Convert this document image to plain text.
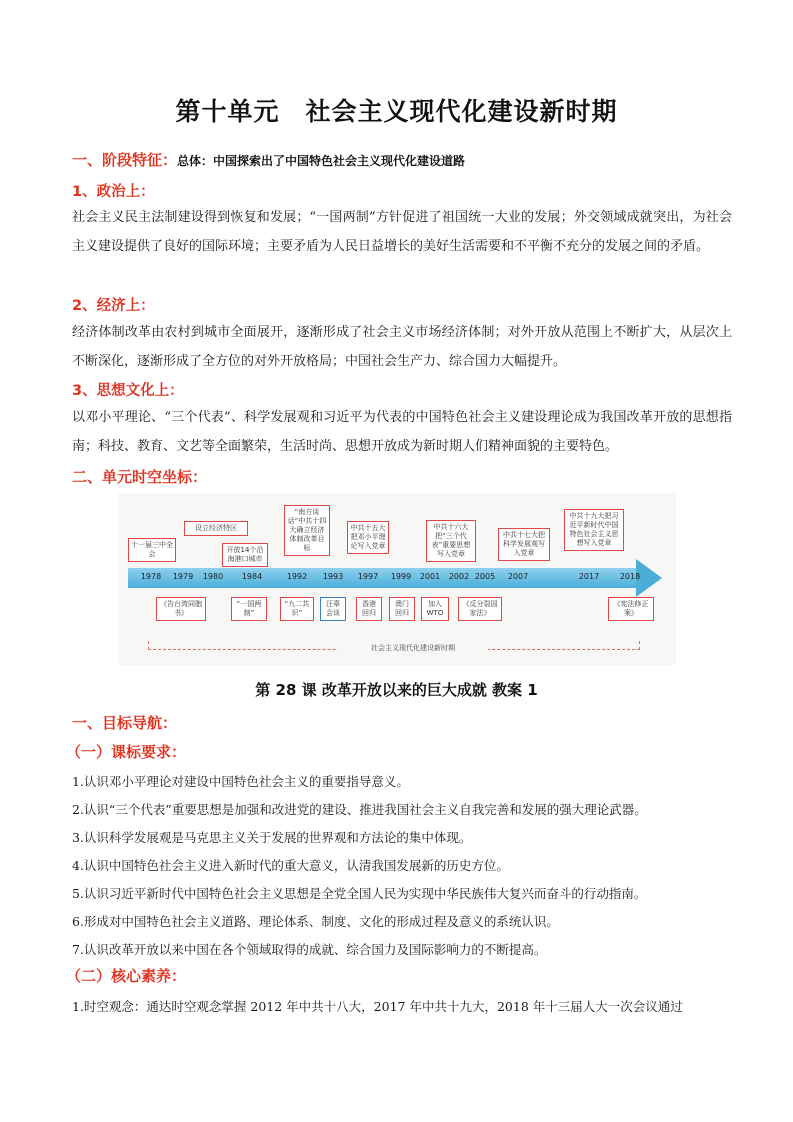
第十单元　社会主义现代化建设新时期
一、阶段特征：总体：中国探索出了中国特色社会主义现代化建设道路
1、政治上：
社会主义民主法制建设得到恢复和发展；“一国两制”方针促进了祖国统一大业的发展；外交领域成就突出，为社会主义建设提供了良好的国际环境；主要矛盾为人民日益增长的美好生活需要和不平衡不充分的发展之间的矛盾。
2、经济上：
经济体制改革由农村到城市全面展开，逐渐形成了社会主义市场经济体制；对外开放从范围上不断扩大，从层次上不断深化，逐渐形成了全方位的对外开放格局；中国社会生产力、综合国力大幅提升。
3、思想文化上：
以邓小平理论、“三个代表”、科学发展观和习近平为代表的中国特色社会主义建设理论成为我国改革开放的思想指南；科技、教育、文艺等全面繁荣，生活时尚、思想开放成为新时期人们精神面貌的主要特色。
二、单元时空坐标：
1978	1979	1980	1984	1992	1993	1997	1999	2001	2002 2005	2007	2017	2018
十一届三中全会
设立经济特区
开放14个沿海港口城市
“南方谈话”中共十四大确立经济体制改革目标
中共十五大把邓小平理论写入党章
中共十六大把“三个代表”重要思想写入党章
中共十七大把科学发展观写入党章
中共十九大把习近平新时代中国特色社会主义思想写入党章
《告台湾同胞书》
“一国两制”
“九二共识”
汪辜会谈
香港回归
澳门回归
加入WTO
《反分裂国家法》
《宪法修正案》
社会主义现代化建设新时期
第 28 课 改革开放以来的巨大成就 教案 1
一、目标导航：
（一）课标要求：
1.认识邓小平理论对建设中国特色社会主义的重要指导意义。
2.认识“三个代表”重要思想是加强和改进党的建设、推进我国社会主义自我完善和发展的强大理论武器。
3.认识科学发展观是马克思主义关于发展的世界观和方法论的集中体现。
4.认识中国特色社会主义进入新时代的重大意义，认清我国发展新的历史方位。
5.认识习近平新时代中国特色社会主义思想是全党全国人民为实现中华民族伟大复兴而奋斗的行动指南。
6.形成对中国特色社会主义道路、理论体系、制度、文化的形成过程及意义的系统认识。
7.认识改革开放以来中国在各个领域取得的成就、综合国力及国际影响力的不断提高。
（二）核心素养：
1.时空观念：通达时空观念掌握 2012 年中共十八大，2017 年中共十九大，2018 年十三届人大一次会议通过
